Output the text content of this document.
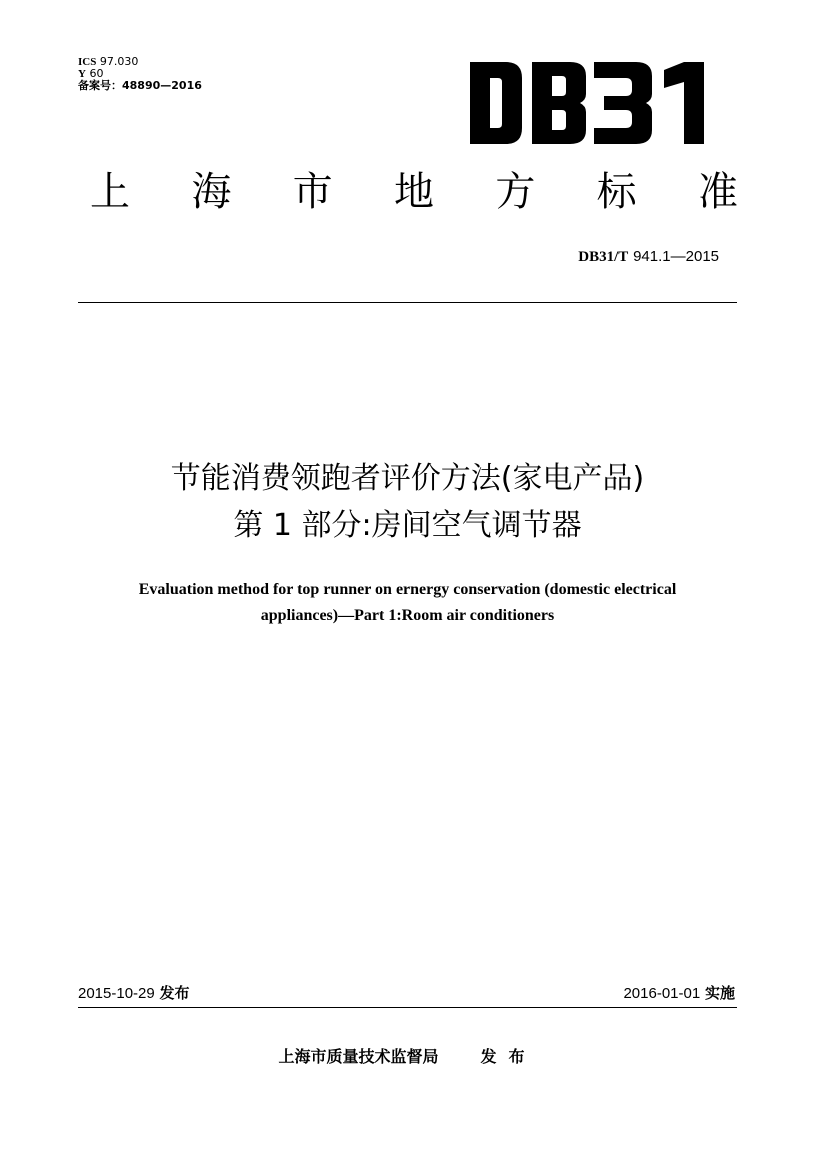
ICS 97.030
Y 60
备案号：48890—2016
上 海 市 地 方 标 准
DB31/T 941.1—2015
节能消费领跑者评价方法(家电产品)
第 1 部分:房间空气调节器
Evaluation method for top runner on ernergy conservation (domestic electrical
appliances)—Part 1:Room air conditioners
2015-10-29 发布	2016-01-01 实施
上海市质量技术监督局	发布
